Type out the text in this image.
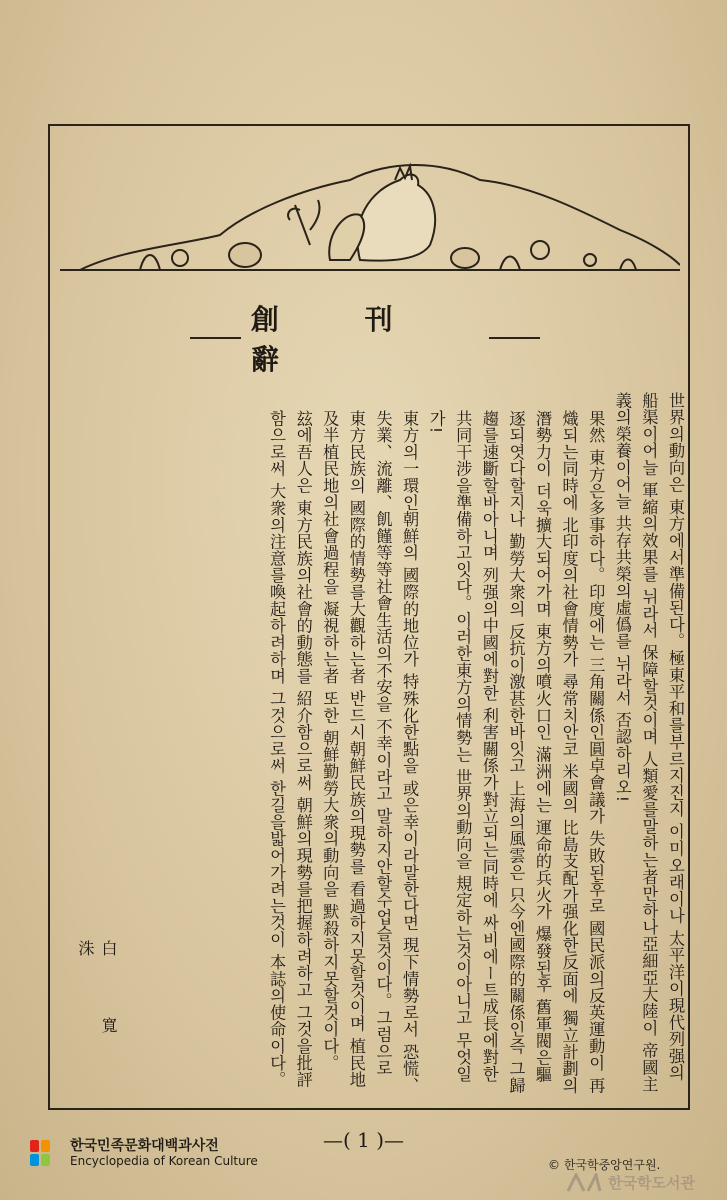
創 刊 辭

世界의動向은 東方에서準備된다。極東平和를부르지진지 이미오래이나 太平洋이現代列强의 船渠이어늘 軍縮의效果를 뉘라서 保障할것이며 人類愛를말하는者만하나亞細亞大陸이 帝國主義의榮養이어늘 共存共榮의虛僞를 뉘라서 否認하리오!

果然 東方은多事하다。印度에는 三角關係인圓卓會議가 失敗된후로 國民派의反英運動이 再熾되는同時에 北印度의社會情勢가 尋常치안코 米國의 比島支配가强化한反面에 獨立計劃의潛勢力이 더욱擴大되어가며 東方의噴火口인 滿洲에는 運命的兵火가 爆發된후 舊軍閥은驅逐되엿다할지나 勤勞大衆의 反抗이激甚한바잇고 上海의風雲은 只今엔國際的關係인즉 그歸趨를速斷할바아니며 列强의中國에對한 利害關係가對立되는同時에 싸비에ー트成長에對한 共同干涉을準備하고잇다。이러한東方의情勢는 世界의動向을 規定하는것이아니고 무엇일가!

東方의一環인朝鮮의 國際的地位가 特殊化한點을 或은幸이라말한다면 現下情勢로서 恐慌、失業、流離、飢饉等等社會生活의不安을 不幸이라고 말하지안할수업슬것이다。그럼으로 東方民族의 國際的情勢를大觀하는者 반드시朝鮮民族의現勢를 看過하지못할것이며 植民地及半植民地의社會過程을 凝視하는者 또한 朝鮮勤勞大衆의動向을 默殺하지못할것이다。

玆에吾人은 東方民族의社會的動態를 紹介함으로써 朝鮮의現勢를把握하려하고 그것을批評함으로써 大衆의注意를喚起하려하며 그것으로써 한길을밟어가려는것이 本誌의使命이다。

白 寬 洙
—( 1 )—
한국민족문화대백과사전
Encyclopedia of Korean Culture	© 한국학중앙연구원.
한국학도서관
